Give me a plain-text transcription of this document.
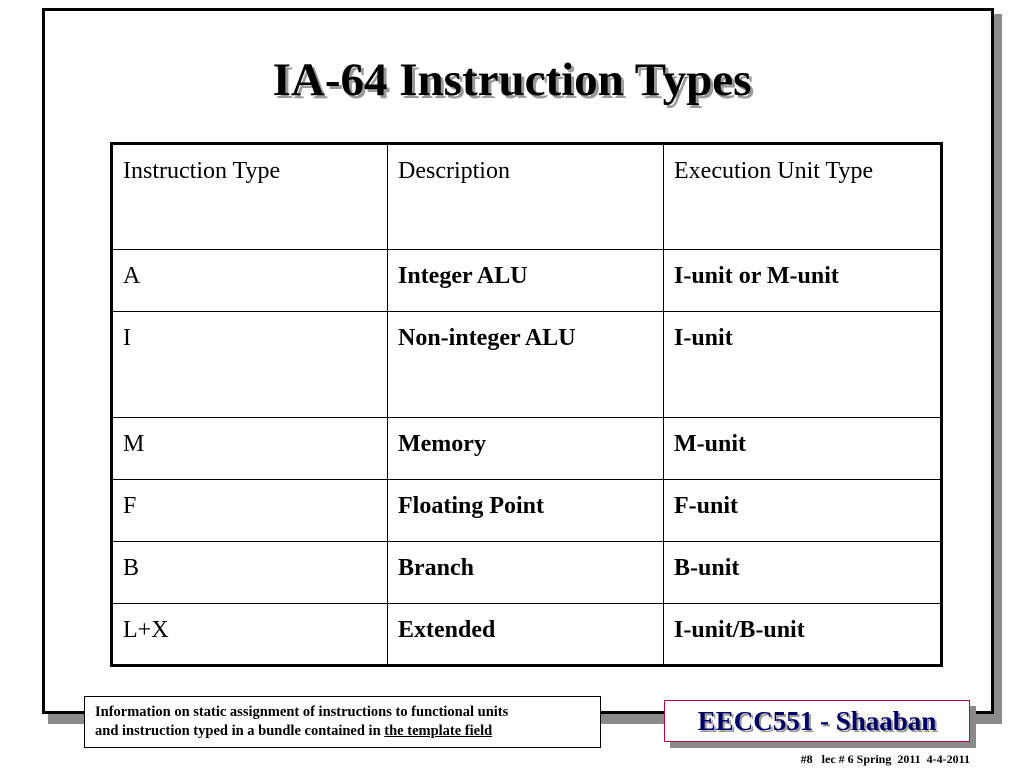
IA-64 Instruction Types
Instruction Type	Description	Execution Unit Type
A	Integer ALU	I-unit or M-unit
I	Non-integer ALU	I-unit
M	Memory	M-unit
F	Floating Point	F-unit
B	Branch	B-unit
L+X	Extended	I-unit/B-unit
Information on static assignment of instructions to functional units
and instruction typed in a bundle contained in the template field	EECC551 - Shaaban
#8   lec # 6 Spring  2011  4-4-2011
